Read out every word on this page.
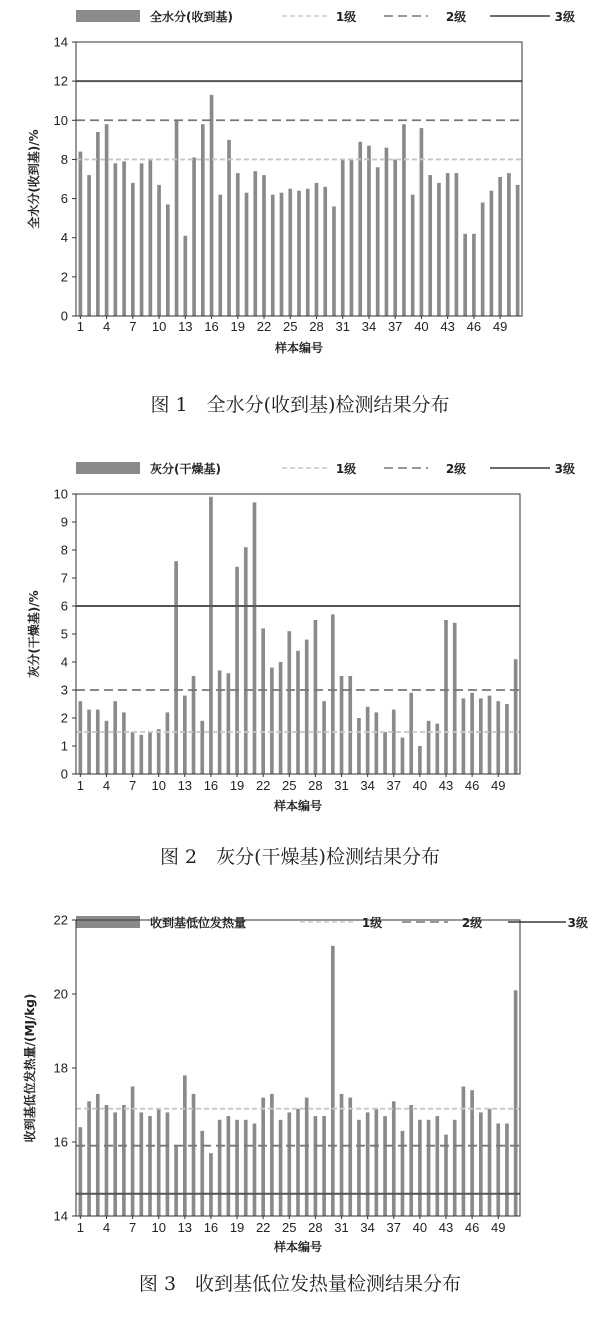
全水分(收到基)	1级	2级	3级
0
2
4
6
8
10
12
14
1 4 7 10 13 16 19 22 25 28 31 34 37 40 43 46 49
样本编号
全水分(收到基)/%
图 1　全水分(收到基)检测结果分布
灰分(干燥基)	1级	2级	3级
0
1
2
3
4
5
6
7
8
9
10
1 4 7 10 13 16 19 22 25 28 31 34 37 40 43 46 49
样本编号
灰分(干燥基)/%
图 2　灰分(干燥基)检测结果分布
收到基低位发热量	1级	2级	3级
14
16
18
20
22
1 4 7 10 13 16 19 22 25 28 31 34 37 40 43 46 49
样本编号
收到基低位发热量/(MJ/kg)
图 3　收到基低位发热量检测结果分布
